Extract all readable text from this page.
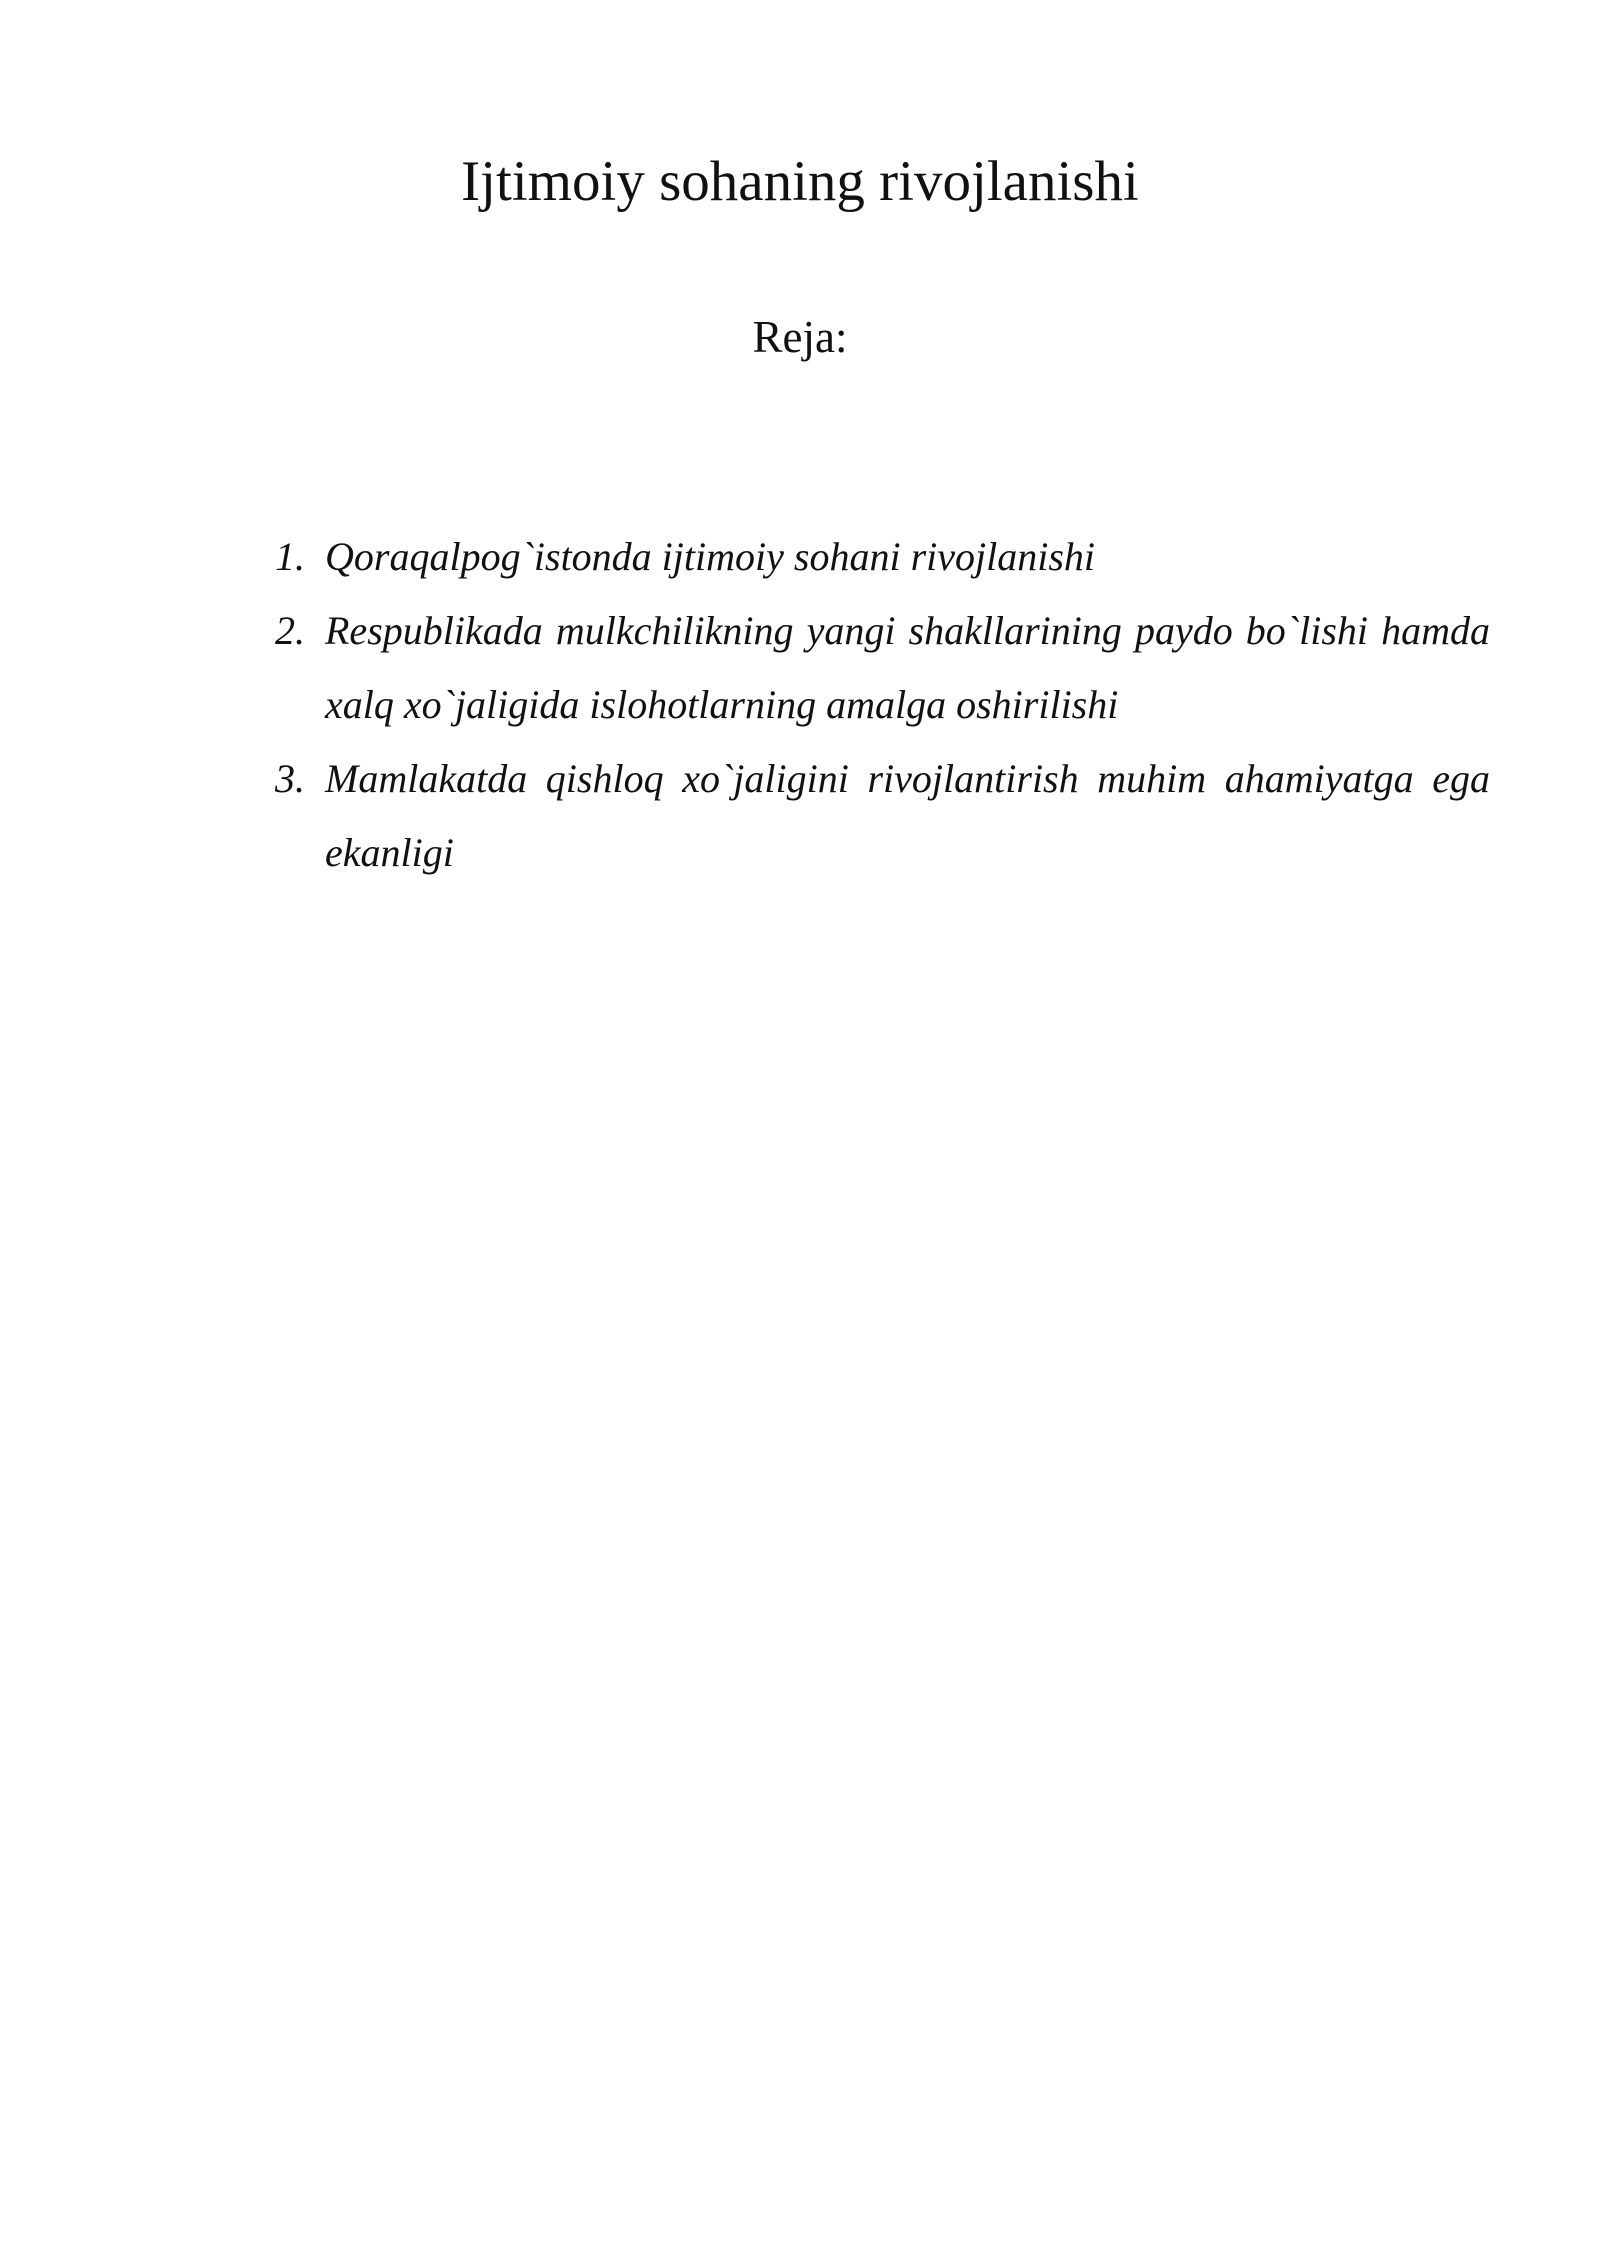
Ijtimoiy sohaning rivojlanishi
Reja:
1. Qoraqalpog`istonda ijtimoiy sohani rivojlanishi
2. Respublikada mulkchilikning yangi shakllarining paydo bo`lishi hamda xalq xo`jaligida islohotlarning amalga oshirilishi
3. Mamlakatda qishloq xo`jaligini rivojlantirish muhim ahamiyatga ega ekanligi
